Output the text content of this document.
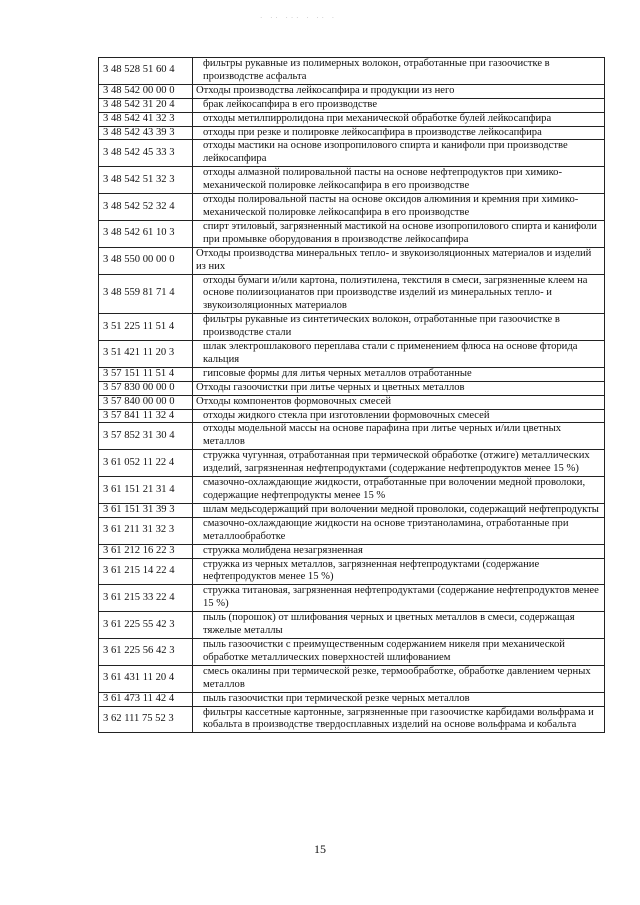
· ·· ··· · ·· ·
3 48 528 51 60 4	фильтры рукавные из полимерных волокон, отработанные при газоочистке в производстве асфальта
3 48 542 00 00 0	Отходы производства лейкосапфира и продукции из него
3 48 542 31 20 4	брак лейкосапфира в его производстве
3 48 542 41 32 3	отходы метилпирролидона при механической обработке булей лейкосапфира
3 48 542 43 39 3	отходы при резке и полировке лейкосапфира в производстве лейкосапфира
3 48 542 45 33 3	отходы мастики на основе изопропилового спирта и канифоли при производстве лейкосапфира
3 48 542 51 32 3	отходы алмазной полировальной пасты на основе нефтепродуктов при химико-механической полировке лейкосапфира в его производстве
3 48 542 52 32 4	отходы полировальной пасты на основе оксидов алюминия и кремния при химико-механической полировке лейкосапфира в его производстве
3 48 542 61 10 3	спирт этиловый, загрязненный мастикой на основе изопропилового спирта и канифоли при промывке оборудования в производстве лейкосапфира
3 48 550 00 00 0	Отходы производства минеральных тепло- и звукоизоляционных материалов и изделий из них
3 48 559 81 71 4	отходы бумаги и/или картона, полиэтилена, текстиля в смеси, загрязненные клеем на основе полиизоцианатов при производстве изделий из минеральных тепло- и звукоизоляционных материалов
3 51 225 11 51 4	фильтры рукавные из синтетических волокон, отработанные при газоочистке в производстве стали
3 51 421 11 20 3	шлак электрошлакового переплава стали с применением флюса на основе фторида кальция
3 57 151 11 51 4	гипсовые формы для литья черных металлов отработанные
3 57 830 00 00 0	Отходы газоочистки при литье черных и цветных металлов
3 57 840 00 00 0	Отходы компонентов формовочных смесей
3 57 841 11 32 4	отходы жидкого стекла при изготовлении формовочных смесей
3 57 852 31 30 4	отходы модельной массы на основе парафина при литье черных и/или цветных металлов
3 61 052 11 22 4	стружка чугунная, отработанная при термической обработке (отжиге) металлических изделий, загрязненная нефтепродуктами (содержание нефтепродуктов менее 15 %)
3 61 151 21 31 4	смазочно-охлаждающие жидкости, отработанные при волочении медной проволоки, содержащие нефтепродукты менее 15 %
3 61 151 31 39 3	шлам медьсодержащий при волочении медной проволоки, содержащий нефтепродукты
3 61 211 31 32 3	смазочно-охлаждающие жидкости на основе триэтаноламина, отработанные при металлообработке
3 61 212 16 22 3	стружка молибдена незагрязненная
3 61 215 14 22 4	стружка из черных металлов, загрязненная нефтепродуктами (содержание нефтепродуктов менее 15 %)
3 61 215 33 22 4	стружка титановая, загрязненная нефтепродуктами (содержание нефтепродуктов менее 15 %)
3 61 225 55 42 3	пыль (порошок) от шлифования черных и цветных металлов в смеси, содержащая тяжелые металлы
3 61 225 56 42 3	пыль газоочистки с преимущественным содержанием никеля при механической обработке металлических поверхностей шлифованием
3 61 431 11 20 4	смесь окалины при термической резке, термообработке, обработке давлением черных металлов
3 61 473 11 42 4	пыль газоочистки при термической резке черных металлов
3 62 111 75 52 3	фильтры кассетные картонные, загрязненные при газоочистке карбидами вольфрама и кобальта в производстве твердосплавных изделий на основе вольфрама и кобальта
15
